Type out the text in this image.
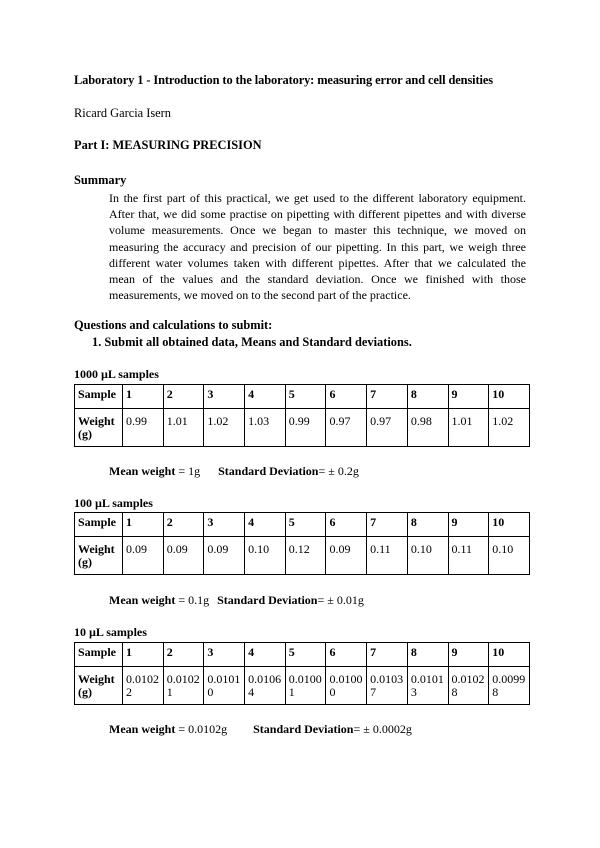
Laboratory 1 - Introduction to the laboratory: measuring error and cell densities

Ricard Garcia Isern

Part I: MEASURING PRECISION

Summary

In the first part of this practical, we get used to the different laboratory equipment. After that, we did some practise on pipetting with different pipettes and with diverse volume measurements. Once we began to master this technique, we moved on measuring the accuracy and precision of our pipetting. In this part, we weigh three different water volumes taken with different pipettes. After that we calculated the mean of the values and the standard deviation. Once we finished with those measurements, we moved on to the second part of the practice.

Questions and calculations to submit:

1. Submit all obtained data, Means and Standard deviations.

1000 µL samples

Sample	1	2	3	4	5	6	7	8	9	10
Weight (g)	0.99	1.01	1.02	1.03	0.99	0.97	0.97	0.98	1.01	1.02

Mean weight = 1g Standard Deviation= ± 0.2g

100 µL samples

Sample	1	2	3	4	5	6	7	8	9	10
Weight (g)	0.09	0.09	0.09	0.10	0.12	0.09	0.11	0.10	0.11	0.10

Mean weight = 0.1g Standard Deviation= ± 0.01g

10 µL samples

Sample	1	2	3	4	5	6	7	8	9	10
Weight (g)	0.01022	0.01021	0.01010	0.01064	0.01001	0.01000	0.01037	0.01013	0.01028	0.00998

Mean weight = 0.0102g Standard Deviation= ± 0.0002g
